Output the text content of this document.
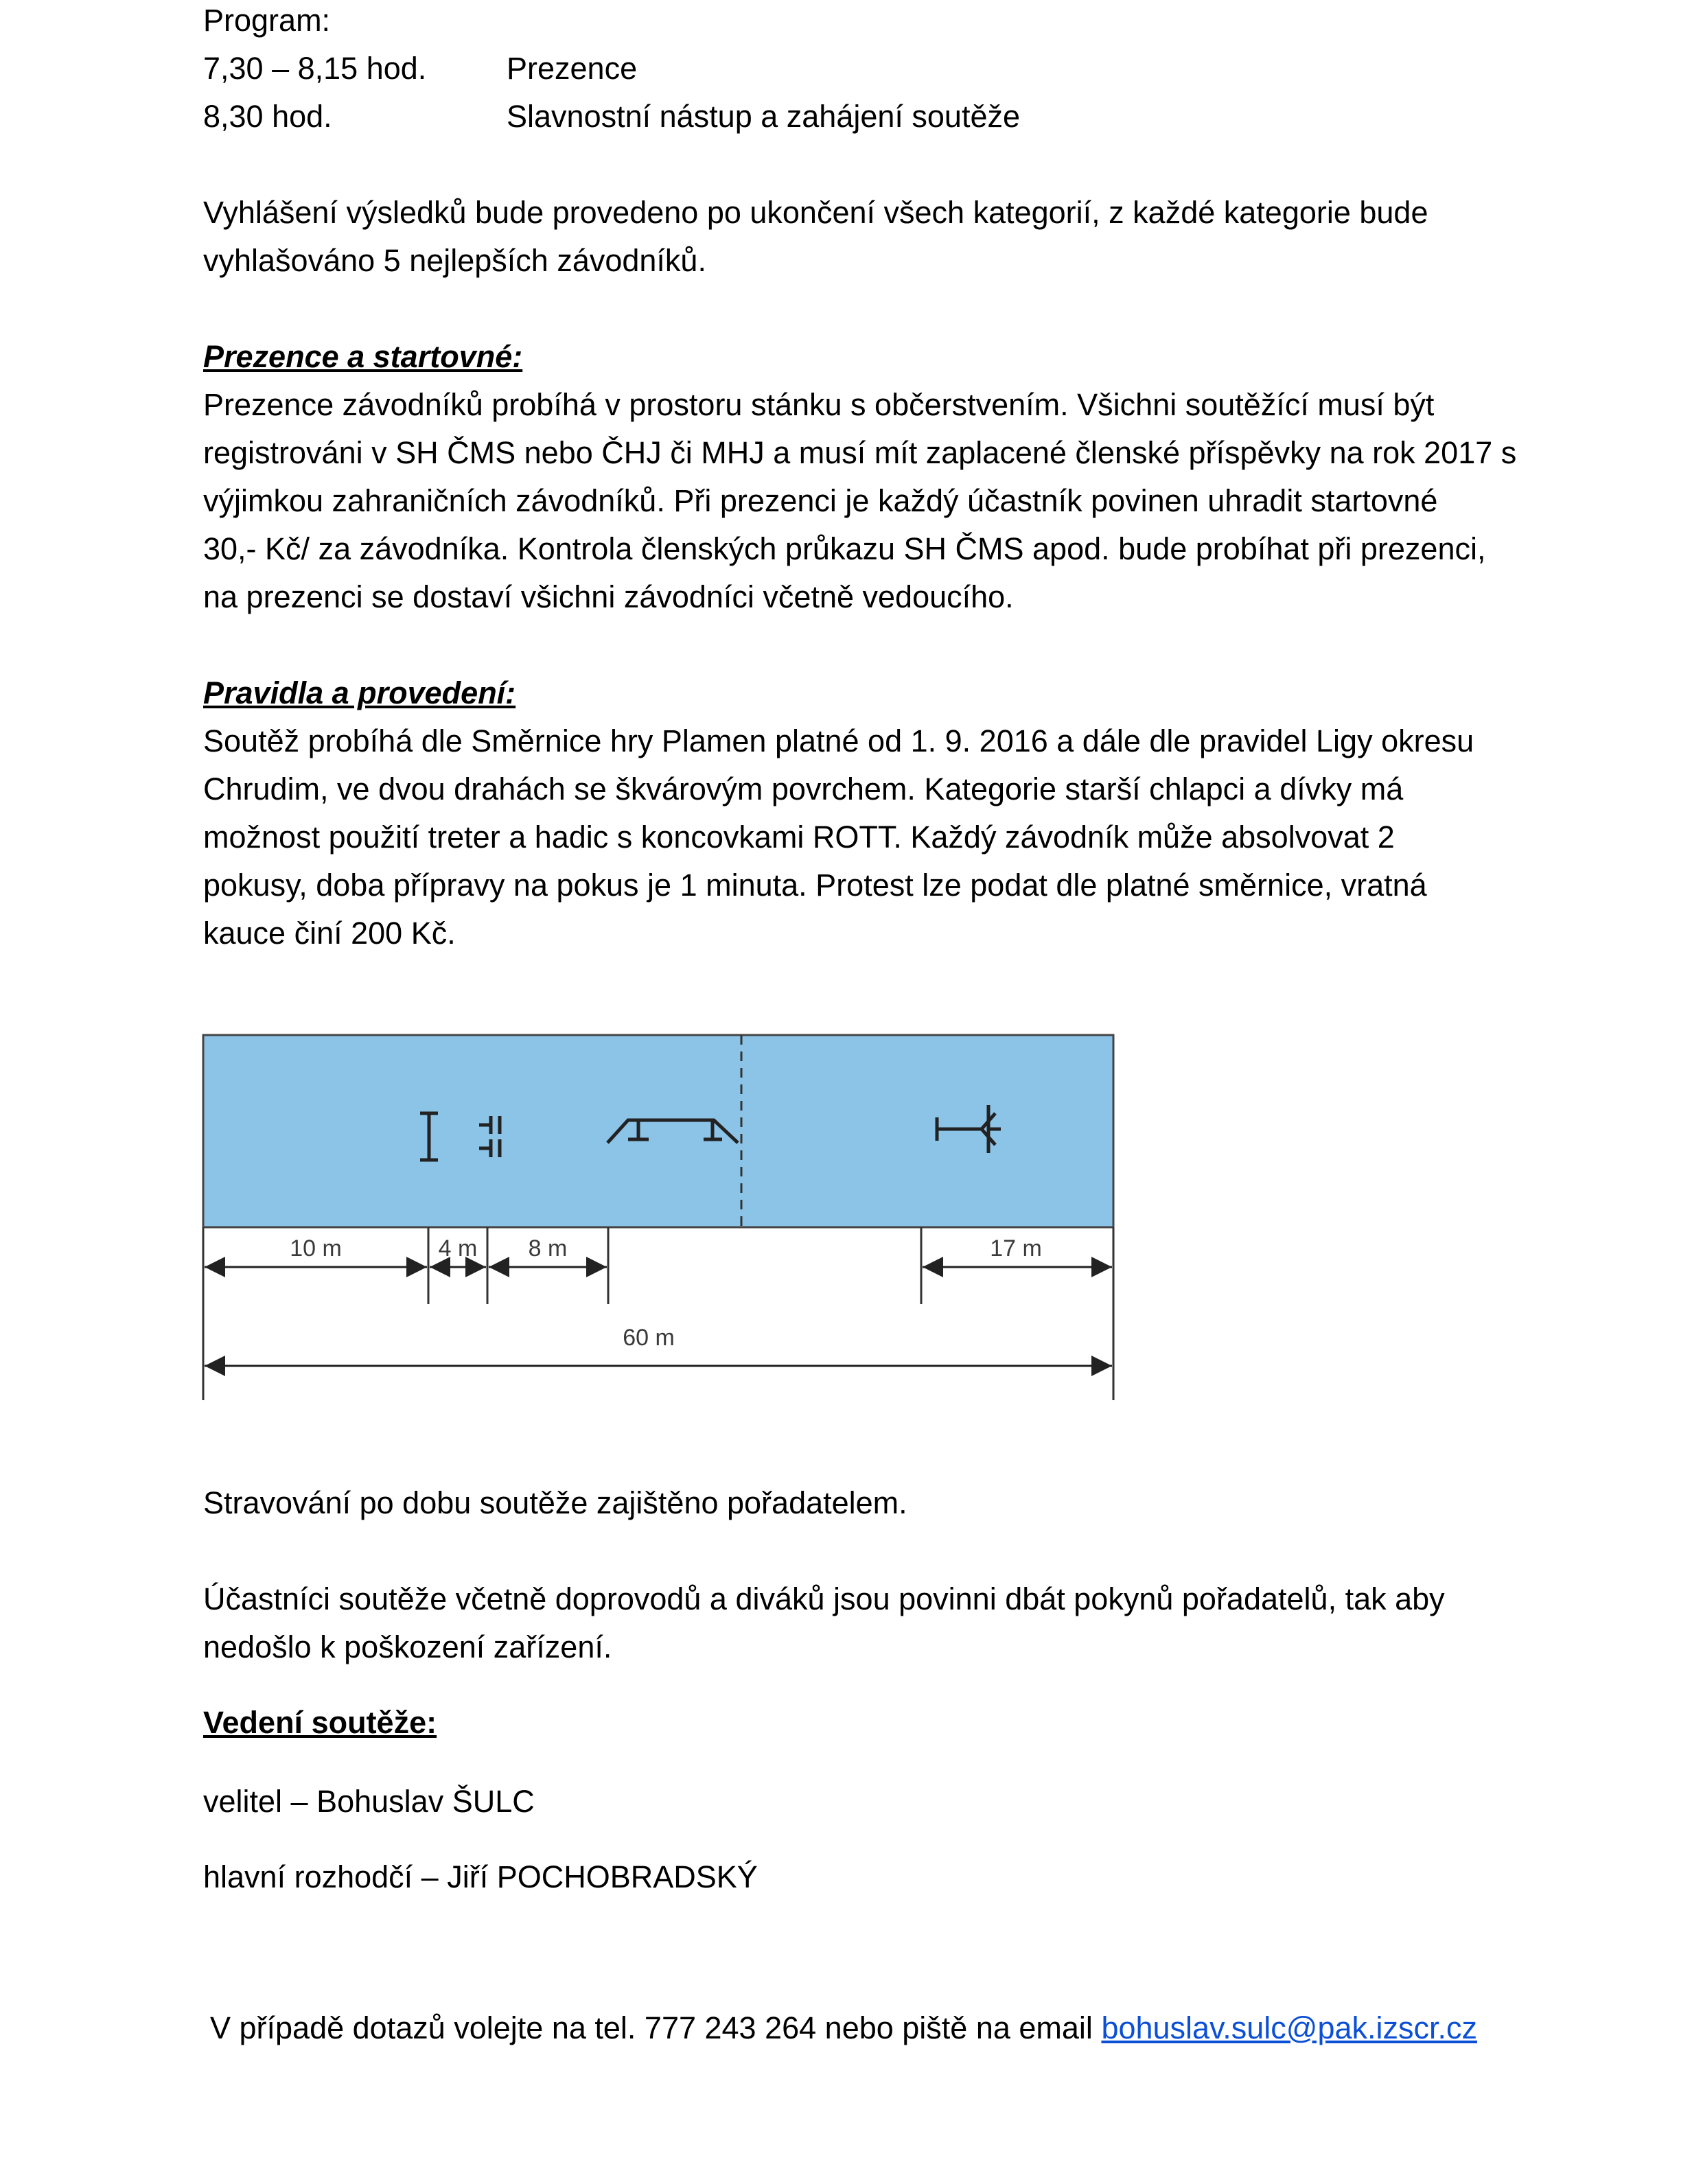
Program:
7,30 – 8,15 hod.	Prezence
8,30 hod.	Slavnostní nástup a zahájení soutěže
Vyhlášení výsledků bude provedeno po ukončení všech kategorií, z každé kategorie bude
vyhlašováno 5 nejlepších závodníků.
Prezence a startovné:
Prezence závodníků probíhá v prostoru stánku s občerstvením. Všichni soutěžící musí být
registrováni v SH ČMS nebo ČHJ či MHJ a musí mít zaplacené členské příspěvky na rok 2017 s
výjimkou zahraničních závodníků. Při prezenci je každý účastník povinen uhradit startovné
30,- Kč/ za závodníka. Kontrola členských průkazu SH ČMS apod. bude probíhat při prezenci,
na prezenci se dostaví všichni závodníci včetně vedoucího.
Pravidla a provedení:
Soutěž probíhá dle Směrnice hry Plamen platné od 1. 9. 2016 a dále dle pravidel Ligy okresu
Chrudim, ve dvou drahách se škvárovým povrchem. Kategorie starší chlapci a dívky má
možnost použití treter a hadic s koncovkami ROTT. Každý závodník může absolvovat 2
pokusy, doba přípravy na pokus je 1 minuta. Protest lze podat dle platné směrnice, vratná
kauce činí 200 Kč.
10 m	4 m 8 m	17 m
60 m
Stravování po dobu soutěže zajištěno pořadatelem.
Účastníci soutěže včetně doprovodů a diváků jsou povinni dbát pokynů pořadatelů, tak aby
nedošlo k poškození zařízení.
Vedení soutěže:
velitel – Bohuslav ŠULC
hlavní rozhodčí – Jiří POCHOBRADSKÝ
V případě dotazů volejte na tel. 777 243 264 nebo piště na email bohuslav.sulc@pak.izscr.cz
